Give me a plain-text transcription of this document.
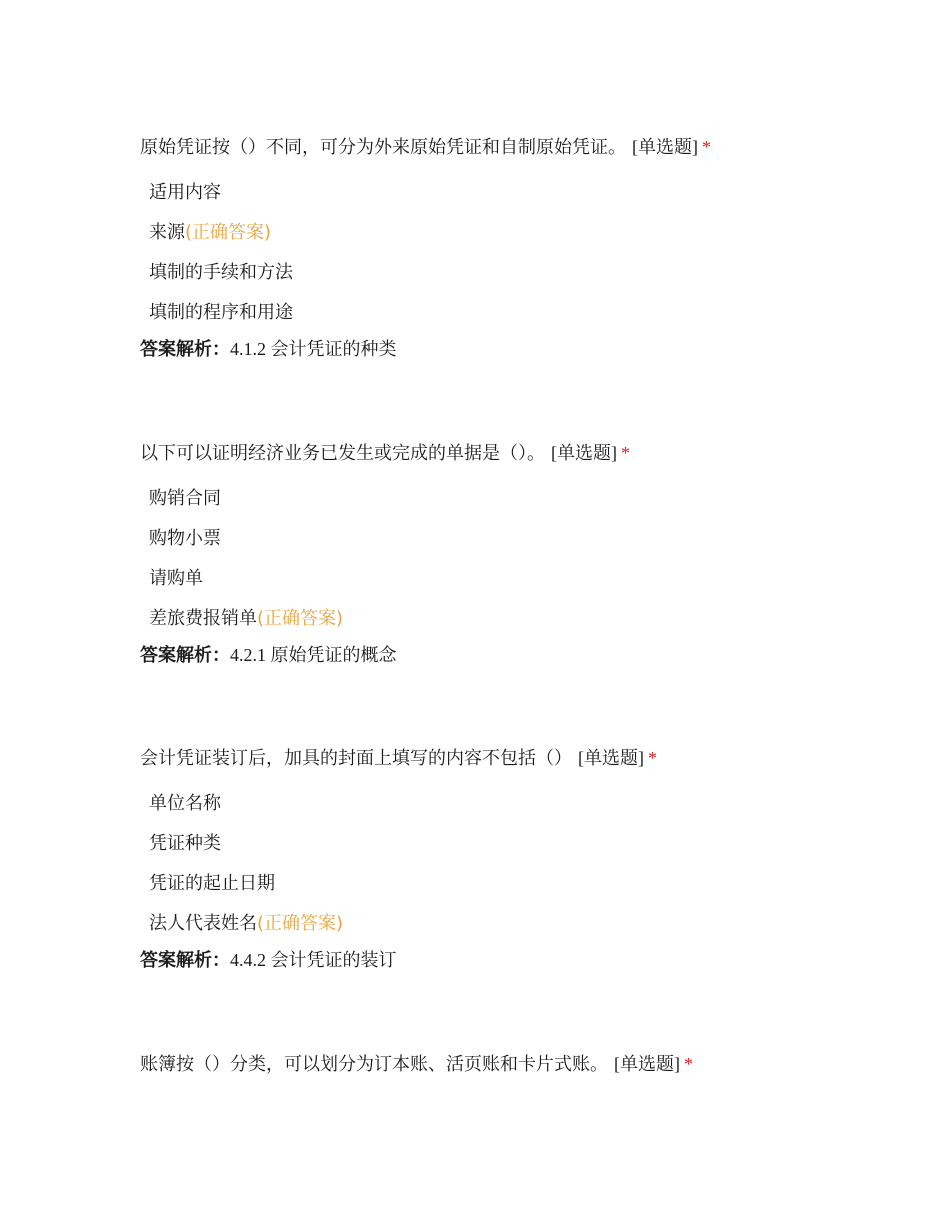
原始凭证按（）不同，可分为外来原始凭证和自制原始凭证。 [单选题] *
适用内容
来源(正确答案)
填制的手续和方法
填制的程序和用途
答案解析：4.1.2 会计凭证的种类
以下可以证明经济业务已发生或完成的单据是（）。 [单选题] *
购销合同
购物小票
请购单
差旅费报销单(正确答案)
答案解析：4.2.1 原始凭证的概念
会计凭证装订后，加具的封面上填写的内容不包括（） [单选题] *
单位名称
凭证种类
凭证的起止日期
法人代表姓名(正确答案)
答案解析：4.4.2 会计凭证的装订
账簿按（）分类，可以划分为订本账、活页账和卡片式账。 [单选题] *
